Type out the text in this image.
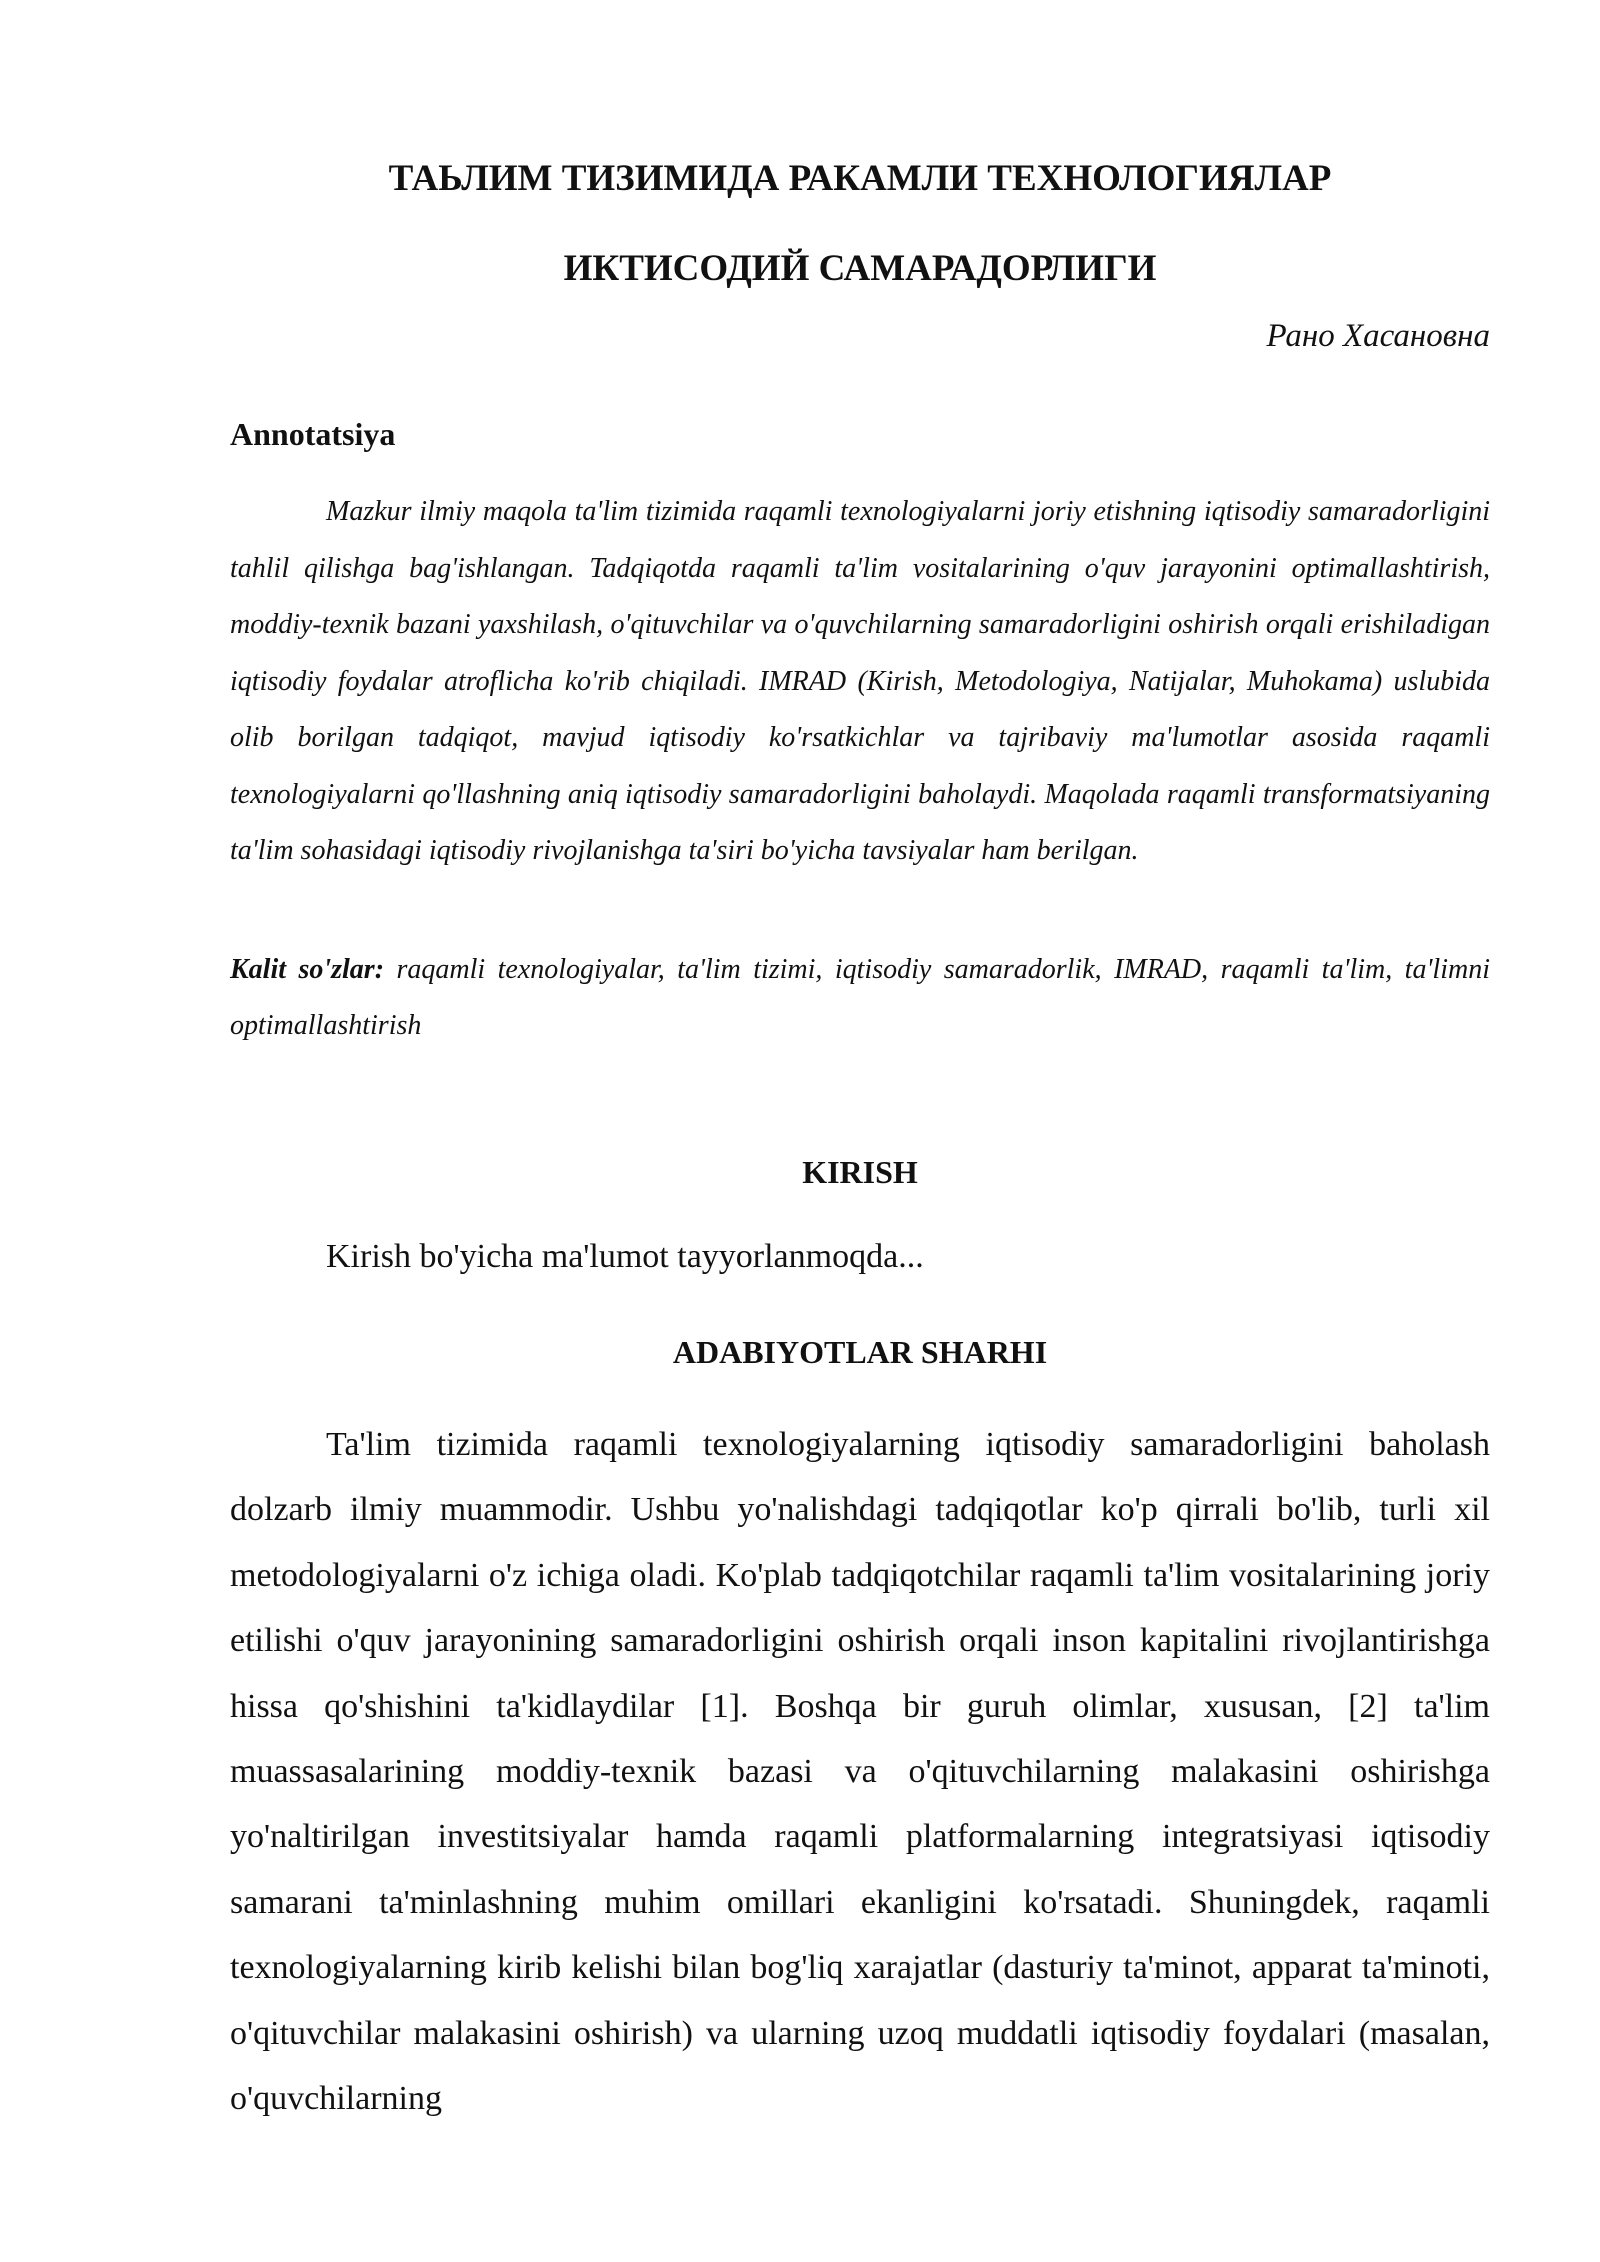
ТАЬЛИМ ТИЗИМИДА РАКАМЛИ ТЕХНОЛОГИЯЛАР
ИКТИСОДИЙ САМАРАДОРЛИГИ

Рано Хасановна

Annotatsiya

Mazkur ilmiy maqola ta'lim tizimida raqamli texnologiyalarni joriy etishning iqtisodiy samaradorligini tahlil qilishga bag'ishlangan. Tadqiqotda raqamli ta'lim vositalarining o'quv jarayonini optimallashtirish, moddiy-texnik bazani yaxshilash, o'qituvchilar va o'quvchilarning samaradorligini oshirish orqali erishiladigan iqtisodiy foydalar atroflicha ko'rib chiqiladi. IMRAD (Kirish, Metodologiya, Natijalar, Muhokama) uslubida olib borilgan tadqiqot, mavjud iqtisodiy ko'rsatkichlar va tajribaviy ma'lumotlar asosida raqamli texnologiyalarni qo'llashning aniq iqtisodiy samaradorligini baholaydi. Maqolada raqamli transformatsiyaning ta'lim sohasidagi iqtisodiy rivojlanishga ta'siri bo'yicha tavsiyalar ham berilgan.

Kalit so'zlar: raqamli texnologiyalar, ta'lim tizimi, iqtisodiy samaradorlik, IMRAD, raqamli ta'lim, ta'limni optimallashtirish

KIRISH

Kirish bo'yicha ma'lumot tayyorlanmoqda...

ADABIYOTLAR SHARHI

Ta'lim tizimida raqamli texnologiyalarning iqtisodiy samaradorligini baholash dolzarb ilmiy muammodir. Ushbu yo'nalishdagi tadqiqotlar ko'p qirrali bo'lib, turli xil metodologiyalarni o'z ichiga oladi. Ko'plab tadqiqotchilar raqamli ta'lim vositalarining joriy etilishi o'quv jarayonining samaradorligini oshirish orqali inson kapitalini rivojlantirishga hissa qo'shishini ta'kidlaydilar [1]. Boshqa bir guruh olimlar, xususan, [2] ta'lim muassasalarining moddiy-texnik bazasi va o'qituvchilarning malakasini oshirishga yo'naltirilgan investitsiyalar hamda raqamli platformalarning integratsiyasi iqtisodiy samarani ta'minlashning muhim omillari ekanligini ko'rsatadi. Shuningdek, raqamli texnologiyalarning kirib kelishi bilan bog'liq xarajatlar (dasturiy ta'minot, apparat ta'minoti, o'qituvchilar malakasini oshirish) va ularning uzoq muddatli iqtisodiy foydalari (masalan, o'quvchilarning
